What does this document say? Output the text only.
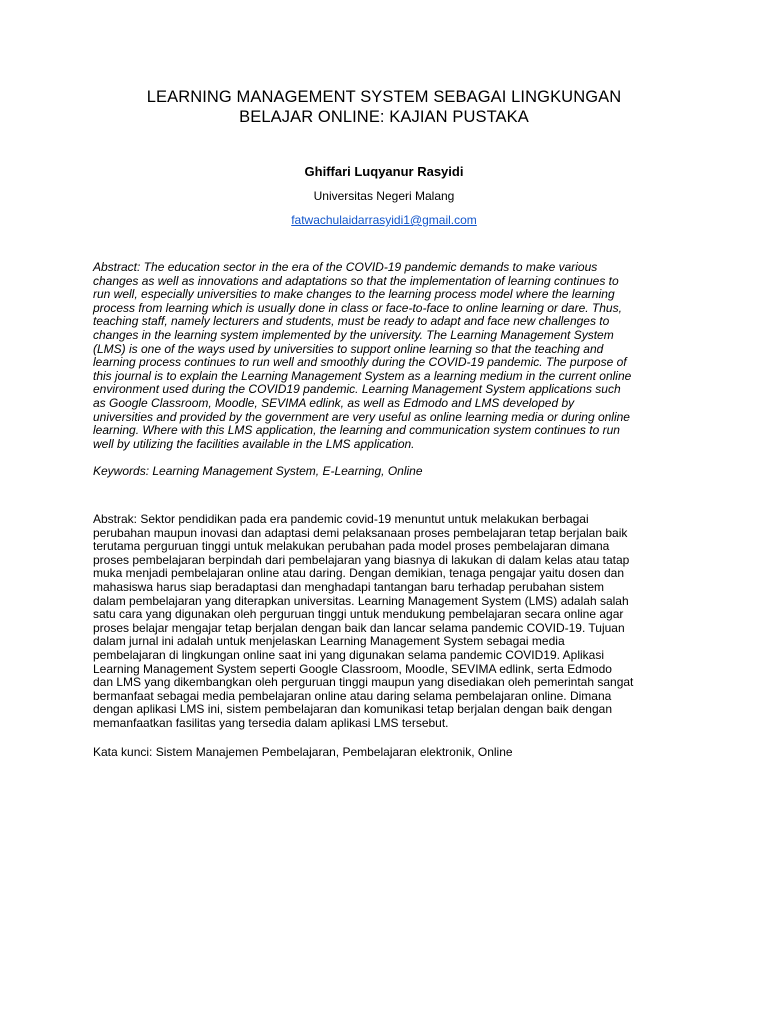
LEARNING MANAGEMENT SYSTEM SEBAGAI LINGKUNGAN
BELAJAR ONLINE: KAJIAN PUSTAKA
Ghiffari Luqyanur Rasyidi
Universitas Negeri Malang
fatwachulaidarrasyidi1@gmail.com
Abstract: The education sector in the era of the COVID-19 pandemic demands to make various
changes as well as innovations and adaptations so that the implementation of learning continues to
run well, especially universities to make changes to the learning process model where the learning
process from learning which is usually done in class or face-to-face to online learning or dare. Thus,
teaching staff, namely lecturers and students, must be ready to adapt and face new challenges to
changes in the learning system implemented by the university. The Learning Management System
(LMS) is one of the ways used by universities to support online learning so that the teaching and
learning process continues to run well and smoothly during the COVID-19 pandemic. The purpose of
this journal is to explain the Learning Management System as a learning medium in the current online
environment used during the COVID19 pandemic. Learning Management System applications such
as Google Classroom, Moodle, SEVIMA edlink, as well as Edmodo and LMS developed by
universities and provided by the government are very useful as online learning media or during online
learning. Where with this LMS application, the learning and communication system continues to run
well by utilizing the facilities available in the LMS application.
Keywords: Learning Management System, E-Learning, Online
Abstrak: Sektor pendidikan pada era pandemic covid-19 menuntut untuk melakukan berbagai
perubahan maupun inovasi dan adaptasi demi pelaksanaan proses pembelajaran tetap berjalan baik
terutama perguruan tinggi untuk melakukan perubahan pada model proses pembelajaran dimana
proses pembelajaran berpindah dari pembelajaran yang biasnya di lakukan di dalam kelas atau tatap
muka menjadi pembelajaran online atau daring. Dengan demikian, tenaga pengajar yaitu dosen dan
mahasiswa harus siap beradaptasi dan menghadapi tantangan baru terhadap perubahan sistem
dalam pembelajaran yang diterapkan universitas. Learning Management System (LMS) adalah salah
satu cara yang digunakan oleh perguruan tinggi untuk mendukung pembelajaran secara online agar
proses belajar mengajar tetap berjalan dengan baik dan lancar selama pandemic COVID-19. Tujuan
dalam jurnal ini adalah untuk menjelaskan Learning Management System sebagai media
pembelajaran di lingkungan online saat ini yang digunakan selama pandemic COVID19. Aplikasi
Learning Management System seperti Google Classroom, Moodle, SEVIMA edlink, serta Edmodo
dan LMS yang dikembangkan oleh perguruan tinggi maupun yang disediakan oleh pemerintah sangat
bermanfaat sebagai media pembelajaran online atau daring selama pembelajaran online. Dimana
dengan aplikasi LMS ini, sistem pembelajaran dan komunikasi tetap berjalan dengan baik dengan
memanfaatkan fasilitas yang tersedia dalam aplikasi LMS tersebut.
Kata kunci: Sistem Manajemen Pembelajaran, Pembelajaran elektronik, Online
